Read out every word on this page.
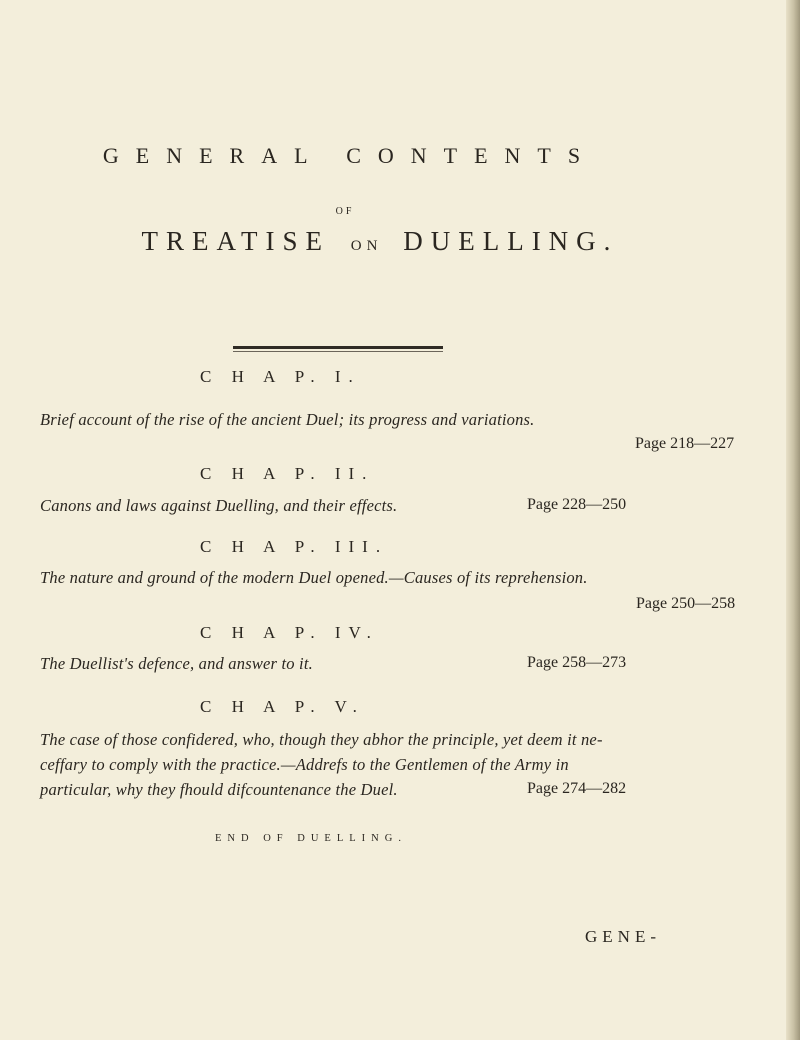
GENERAL CONTENTS
OF
TREATISE ON DUELLING.
C H A P. I.
Brief account of the rise of the ancient Duel; its progress and variations.
Page 218—227
C H A P. II.
Canons and laws against Duelling, and their effects.	Page 228—250
C H A P. III.
The nature and ground of the modern Duel opened.—Causes of its reprehension.
Page 250—258
C H A P. IV.
The Duellist's defence, and answer to it.	Page 258—273
C H A P. V.
The case of those confidered, who, though they abhor the principle, yet deem it ne-
ceffary to comply with the practice.—Addrefs to the Gentlemen of the Army in
particular, why they fhould difcountenance the Duel.	Page 274—282
END OF DUELLING.
GENE-
